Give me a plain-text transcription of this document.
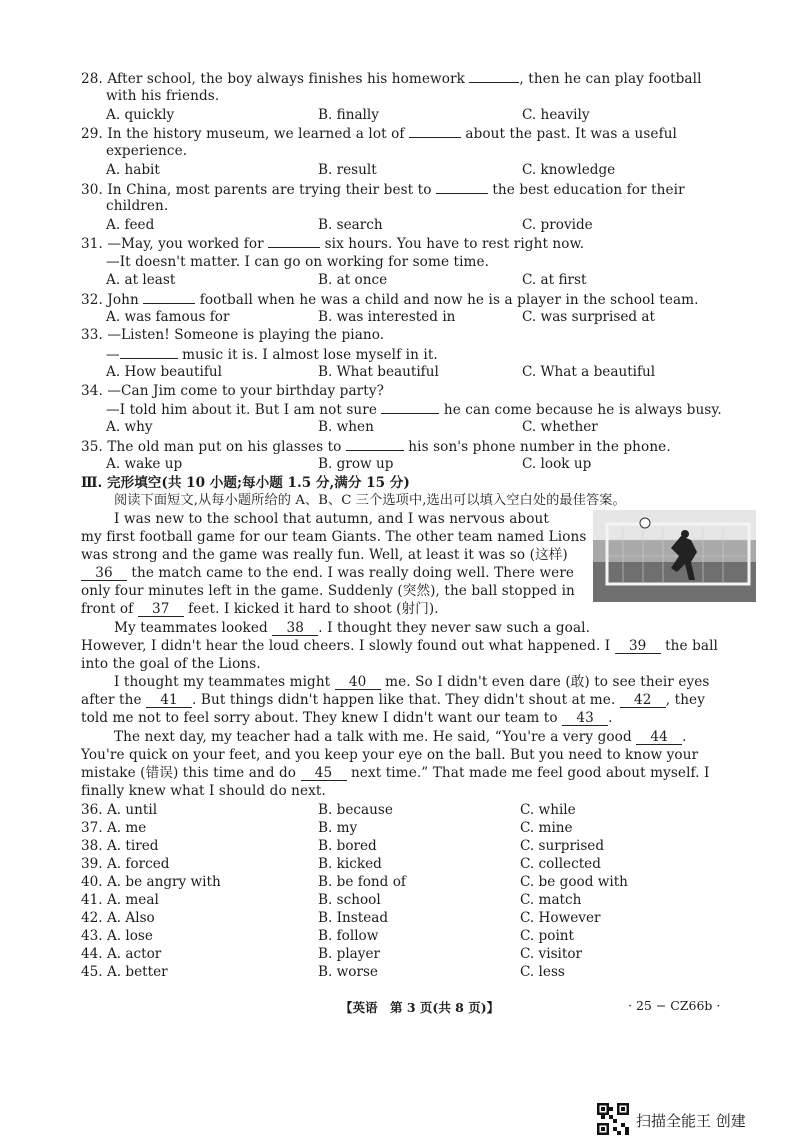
28. After school, the boy always finishes his homework	, then he can play football
with his friends.
A. quickly	B. finally	C. heavily
29. In the history museum, we learned a lot of	about the past. It was a useful
experience.
A. habit	B. result	C. knowledge
30. In China, most parents are trying their best to	the best education for their
children.
A. feed	B. search	C. provide
31. —May, you worked for	six hours. You have to rest right now.
—It doesn't matter. I can go on working for some time.
A. at least	B. at once	C. at first
32. John	football when he was a child and now he is a player in the school team.
A. was famous for	B. was interested in	C. was surprised at
33. —Listen! Someone is playing the piano.
—	music it is. I almost lose myself in it.
A. How beautiful	B. What beautiful	C. What a beautiful
34. —Can Jim come to your birthday party?
—I told him about it. But I am not sure	he can come because he is always busy.
A. why	B. when	C. whether
35. The old man put on his glasses to	his son's phone number in the phone.
A. wake up	B. grow up	C. look up
Ⅲ. 完形填空(共 10 小题;每小题 1.5 分,满分 15 分)
阅读下面短文,从每小题所给的 A、B、C 三个选项中,选出可以填入空白处的最佳答案。
I was new to the school that autumn, and I was nervous about
my first football game for our team Giants. The other team named Lions
was strong and the game was really fun. Well, at least it was so (这样)
36 the match came to the end. I was really doing well. There were
only four minutes left in the game. Suddenly (突然), the ball stopped in
front of 37 feet. I kicked it hard to shoot (射门).
My teammates looked 38 . I thought they never saw such a goal.
However, I didn't hear the loud cheers. I slowly found out what happened. I 39 the ball
into the goal of the Lions.
I thought my teammates might 40 me. So I didn't even dare (敢) to see their eyes
after the 41 . But things didn't happen like that. They didn't shout at me. 42 , they
told me not to feel sorry about. They knew I didn't want our team to 43 .
The next day, my teacher had a talk with me. He said, “You're a very good 44 .
You're quick on your feet, and you keep your eye on the ball. But you need to know your
mistake (错误) this time and do 45 next time.” That made me feel good about myself. I
finally knew what I should do next.
36. A. until	B. because	C. while
37. A. me	B. my	C. mine
38. A. tired	B. bored	C. surprised
39. A. forced	B. kicked	C. collected
40. A. be angry with	B. be fond of	C. be good with
41. A. meal	B. school	C. match
42. A. Also	B. Instead	C. However
43. A. lose	B. follow	C. point
44. A. actor	B. player	C. visitor
45. A. better	B. worse	C. less
【英语　第 3 页(共 8 页)】	· 25 − CZ66b ·
扫描全能王 创建
